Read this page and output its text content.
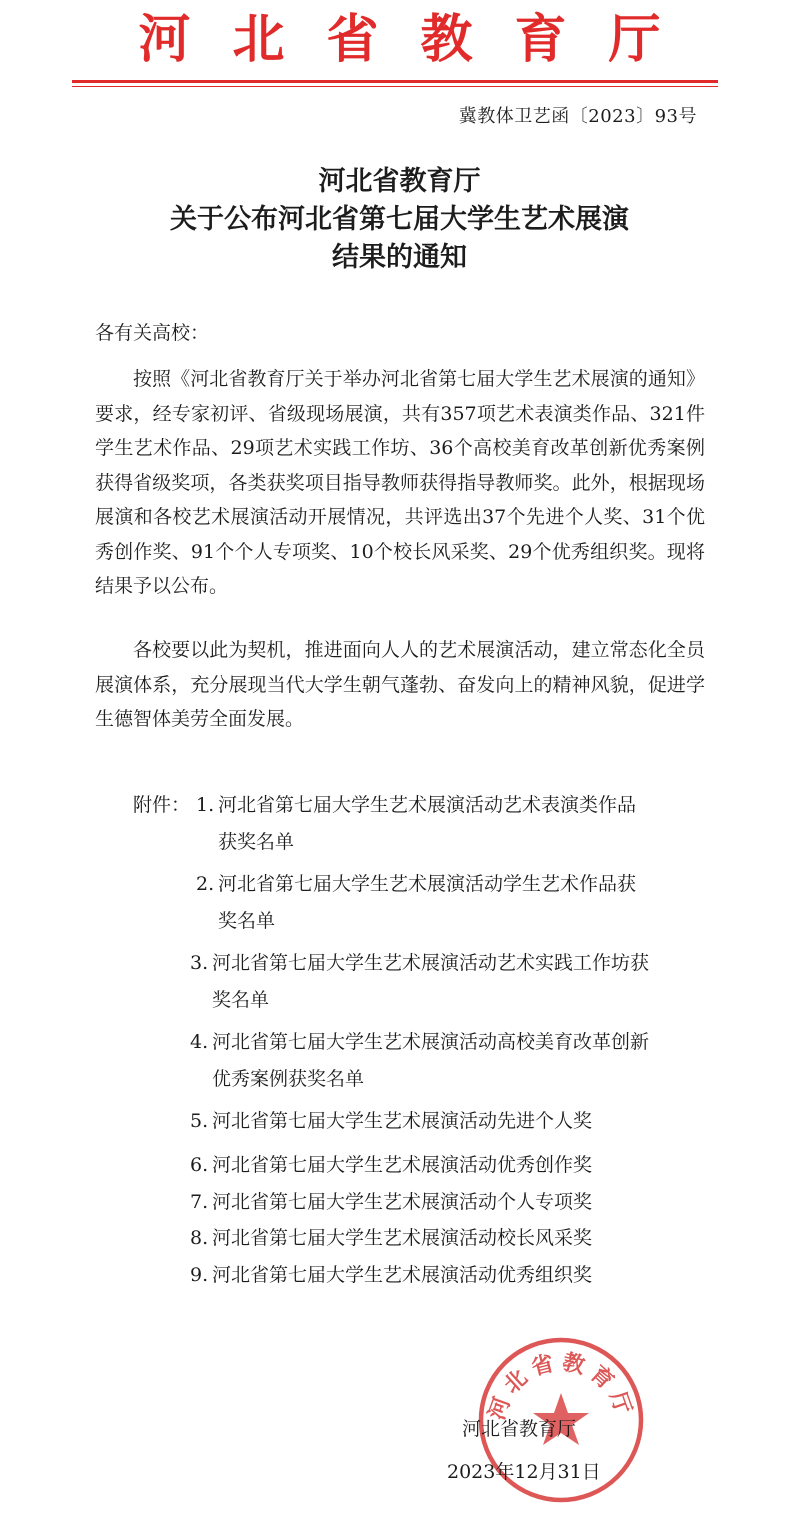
河北省教育厅
冀教体卫艺函〔2023〕93号
河北省教育厅
关于公布河北省第七届大学生艺术展演
结果的通知
各有关高校：
按照《河北省教育厅关于举办河北省第七届大学生艺术展演的通知》要求，经专家初评、省级现场展演，共有357项艺术表演类作品、321件学生艺术作品、29项艺术实践工作坊、36个高校美育改革创新优秀案例获得省级奖项，各类获奖项目指导教师获得指导教师奖。此外，根据现场展演和各校艺术展演活动开展情况，共评选出37个先进个人奖、31个优秀创作奖、91个个人专项奖、10个校长风采奖、29个优秀组织奖。现将结果予以公布。
各校要以此为契机，推进面向人人的艺术展演活动，建立常态化全员展演体系，充分展现当代大学生朝气蓬勃、奋发向上的精神风貌，促进学生德智体美劳全面发展。
附件： 1. 河北省第七届大学生艺术展演活动艺术表演类作品
获奖名单
2. 河北省第七届大学生艺术展演活动学生艺术作品获
奖名单
3. 河北省第七届大学生艺术展演活动艺术实践工作坊获
奖名单
4. 河北省第七届大学生艺术展演活动高校美育改革创新
优秀案例获奖名单
5. 河北省第七届大学生艺术展演活动先进个人奖
6. 河北省第七届大学生艺术展演活动优秀创作奖
7. 河北省第七届大学生艺术展演活动个人专项奖
8. 河北省第七届大学生艺术展演活动校长风采奖
9. 河北省第七届大学生艺术展演活动优秀组织奖
河北省教育厅
河北省教育厅
2023年12月31日
